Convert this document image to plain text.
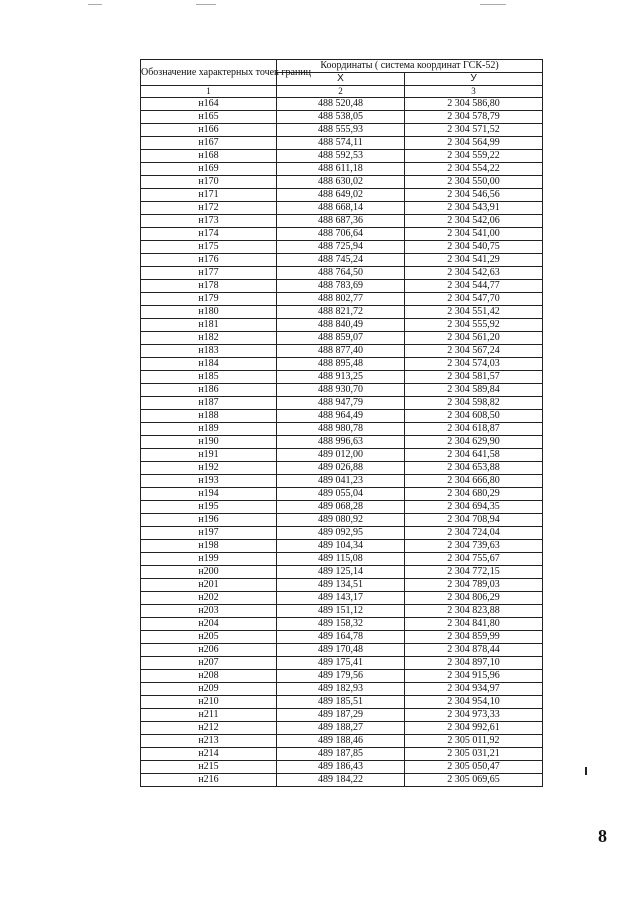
Обозначение характерных точек границ	Координаты ( система координат ГСК-52)	
	X	У
1	2	3
н164	488 520,48	2 304 586,80
н165	488 538,05	2 304 578,79
н166	488 555,93	2 304 571,52
н167	488 574,11	2 304 564,99
н168	488 592,53	2 304 559,22
н169	488 611,18	2 304 554,22
н170	488 630,02	2 304 550,00
н171	488 649,02	2 304 546,56
н172	488 668,14	2 304 543,91
н173	488 687,36	2 304 542,06
н174	488 706,64	2 304 541,00
н175	488 725,94	2 304 540,75
н176	488 745,24	2 304 541,29
н177	488 764,50	2 304 542,63
н178	488 783,69	2 304 544,77
н179	488 802,77	2 304 547,70
н180	488 821,72	2 304 551,42
н181	488 840,49	2 304 555,92
н182	488 859,07	2 304 561,20
н183	488 877,40	2 304 567,24
н184	488 895,48	2 304 574,03
н185	488 913,25	2 304 581,57
н186	488 930,70	2 304 589,84
н187	488 947,79	2 304 598,82
н188	488 964,49	2 304 608,50
н189	488 980,78	2 304 618,87
н190	488 996,63	2 304 629,90
н191	489 012,00	2 304 641,58
н192	489 026,88	2 304 653,88
н193	489 041,23	2 304 666,80
н194	489 055,04	2 304 680,29
н195	489 068,28	2 304 694,35
н196	489 080,92	2 304 708,94
н197	489 092,95	2 304 724,04
н198	489 104,34	2 304 739,63
н199	489 115,08	2 304 755,67
н200	489 125,14	2 304 772,15
н201	489 134,51	2 304 789,03
н202	489 143,17	2 304 806,29
н203	489 151,12	2 304 823,88
н204	489 158,32	2 304 841,80
н205	489 164,78	2 304 859,99
н206	489 170,48	2 304 878,44
н207	489 175,41	2 304 897,10
н208	489 179,56	2 304 915,96
н209	489 182,93	2 304 934,97
н210	489 185,51	2 304 954,10
н211	489 187,29	2 304 973,33
н212	489 188,27	2 304 992,61
н213	489 188,46	2 305 011,92
н214	489 187,85	2 305 031,21
н215	489 186,43	2 305 050,47
н216	489 184,22	2 305 069,65
8
